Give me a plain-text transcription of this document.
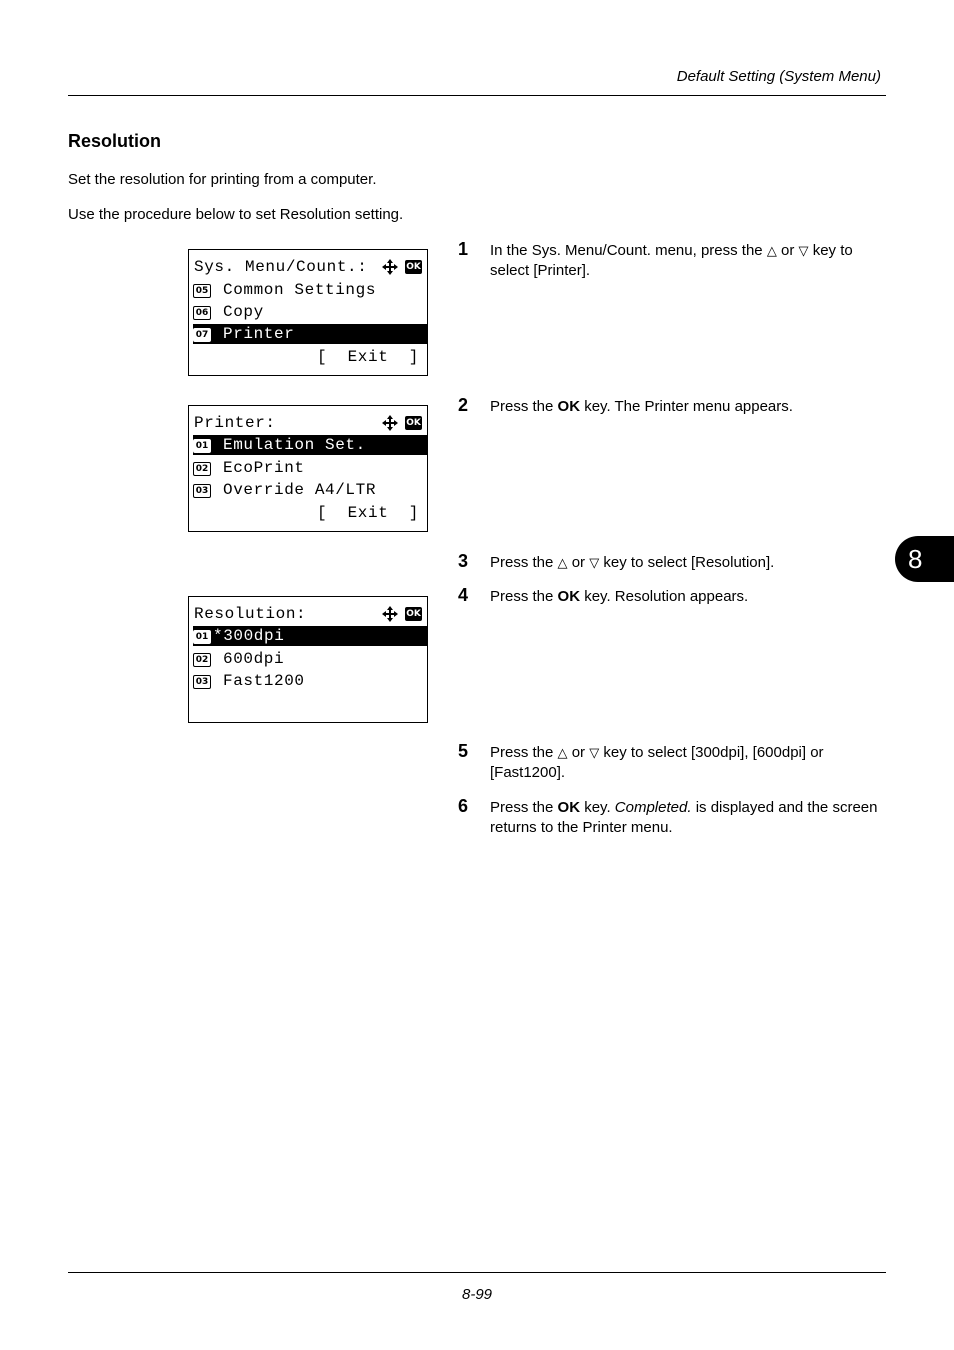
Default Setting (System Menu)
Resolution
Set the resolution for printing from a computer.
Use the procedure below to set Resolution setting.
8
Sys. Menu/Count.:	OK
05 Common Settings
06 Copy
07 Printer
[  Exit  ]
Printer:	OK
01 Emulation Set.
02 EcoPrint
03 Override A4/LTR
[  Exit  ]
Resolution:	OK
01 *300dpi
02 600dpi
03 Fast1200
1 In the Sys. Menu/Count. menu, press the △ or ▽ key to select [Printer].
2 Press the OK key. The Printer menu appears.
3 Press the △ or ▽ key to select [Resolution].
4 Press the OK key. Resolution appears.
5 Press the △ or ▽ key to select [300dpi], [600dpi] or [Fast1200].
6 Press the OK key. Completed. is displayed and the screen returns to the Printer menu.
8-99
